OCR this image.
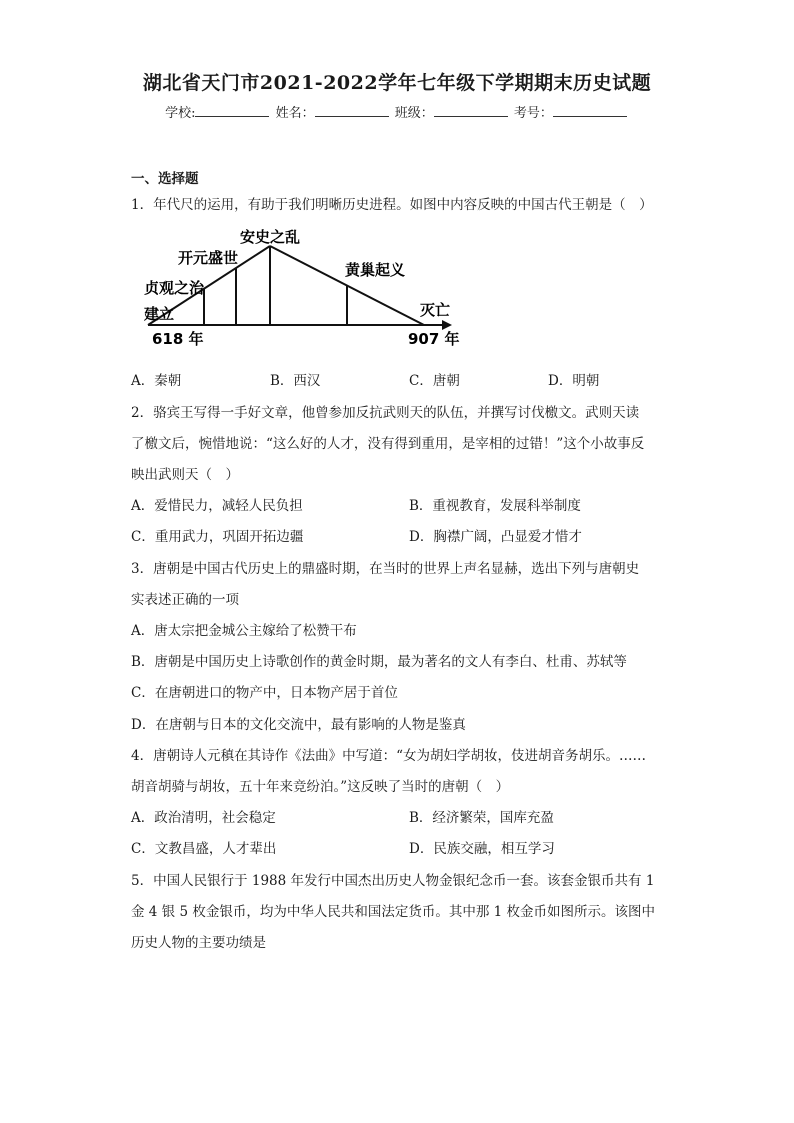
湖北省天门市2021-2022学年七年级下学期期末历史试题
学校:	姓名：	班级：	考号：
一、选择题
1．年代尺的运用，有助于我们明晰历史进程。如图中内容反映的中国古代王朝是（　）
安史之乱
开元盛世
贞观之治
建立
黄巢起义
灭亡
618 年	907 年
A．秦朝	B．西汉	C．唐朝	D．明朝
2．骆宾王写得一手好文章，他曾参加反抗武则天的队伍，并撰写讨伐檄文。武则天读
了檄文后，惋惜地说：“这么好的人才，没有得到重用，是宰相的过错！”这个小故事反
映出武则天（　）
A．爱惜民力，减轻人民负担	B．重视教育，发展科举制度
C．重用武力，巩固开拓边疆	D．胸襟广阔，凸显爱才惜才
3．唐朝是中国古代历史上的鼎盛时期，在当时的世界上声名显赫，选出下列与唐朝史
实表述正确的一项
A．唐太宗把金城公主嫁给了松赞干布
B．唐朝是中国历史上诗歌创作的黄金时期，最为著名的文人有李白、杜甫、苏轼等
C．在唐朝进口的物产中，日本物产居于首位
D．在唐朝与日本的文化交流中，最有影响的人物是鉴真
4．唐朝诗人元稹在其诗作《法曲》中写道：“女为胡妇学胡妆，伎进胡音务胡乐。……
胡音胡骑与胡妆，五十年来竞纷泊。”这反映了当时的唐朝（　）
A．政治清明，社会稳定	B．经济繁荣，国库充盈
C．文教昌盛，人才辈出	D．民族交融，相互学习
5．中国人民银行于 1988 年发行中国杰出历史人物金银纪念币一套。该套金银币共有 1
金 4 银 5 枚金银币，均为中华人民共和国法定货币。其中那 1 枚金币如图所示。该图中
历史人物的主要功绩是
